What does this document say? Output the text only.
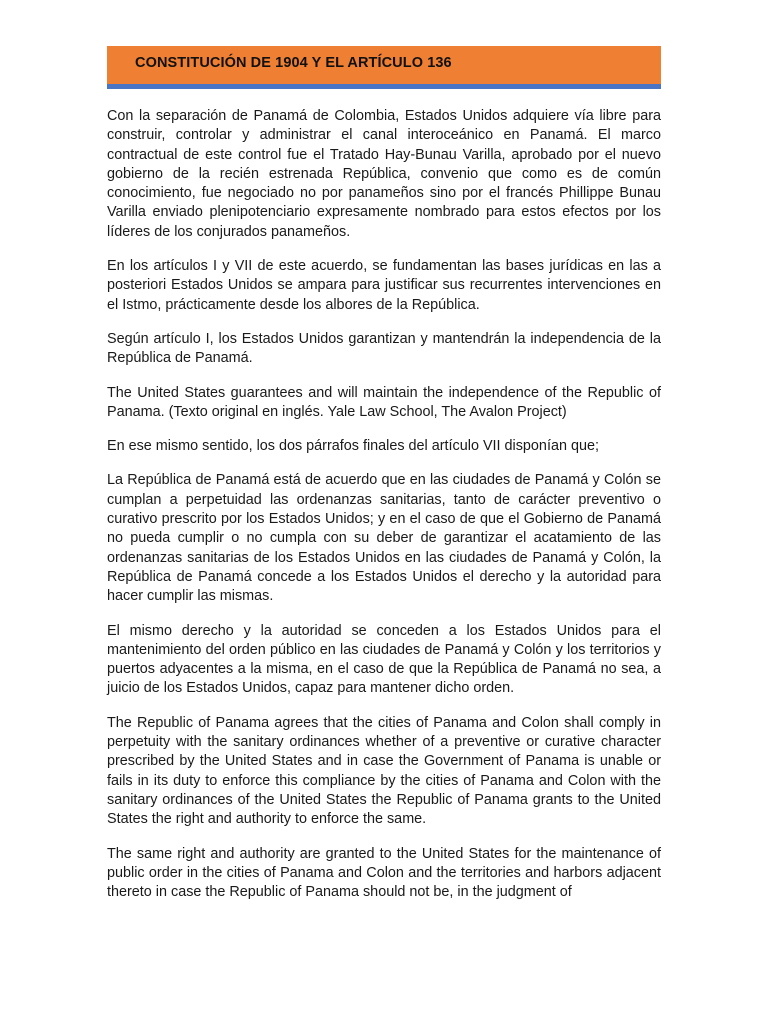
CONSTITUCIÓN DE 1904 Y EL ARTÍCULO 136

Con la separación de Panamá de Colombia, Estados Unidos adquiere vía libre para construir, controlar y administrar el canal interoceánico en Panamá. El marco contractual de este control fue el Tratado Hay-Bunau Varilla, aprobado por el nuevo gobierno de la recién estrenada República, convenio que como es de común conocimiento, fue negociado no por panameños sino por el francés Phillippe Bunau Varilla enviado plenipotenciario expresamente nombrado para estos efectos por los líderes de los conjurados panameños.

En los artículos I y VII de este acuerdo, se fundamentan las bases jurídicas en las a posteriori Estados Unidos se ampara para justificar sus recurrentes intervenciones en el Istmo, prácticamente desde los albores de la República.

Según artículo I, los Estados Unidos garantizan y mantendrán la independencia de la República de Panamá.

The United States guarantees and will maintain the independence of the Republic of Panama. (Texto original en inglés. Yale Law School, The Avalon Project)

En ese mismo sentido, los dos párrafos finales del artículo VII disponían que;

La República de Panamá está de acuerdo que en las ciudades de Panamá y Colón se cumplan a perpetuidad las ordenanzas sanitarias, tanto de carácter preventivo o curativo prescrito por los Estados Unidos; y en el caso de que el Gobierno de Panamá no pueda cumplir o no cumpla con su deber de garantizar el acatamiento de las ordenanzas sanitarias de los Estados Unidos en las ciudades de Panamá y Colón, la República de Panamá concede a los Estados Unidos el derecho y la autoridad para hacer cumplir las mismas.

El mismo derecho y la autoridad se conceden a los Estados Unidos para el mantenimiento del orden público en las ciudades de Panamá y Colón y los territorios y puertos adyacentes a la misma, en el caso de que la República de Panamá no sea, a juicio de los Estados Unidos, capaz para mantener dicho orden.

The Republic of Panama agrees that the cities of Panama and Colon shall comply in perpetuity with the sanitary ordinances whether of a preventive or curative character prescribed by the United States and in case the Government of Panama is unable or fails in its duty to enforce this compliance by the cities of Panama and Colon with the sanitary ordinances of the United States the Republic of Panama grants to the United States the right and authority to enforce the same.

The same right and authority are granted to the United States for the maintenance of public order in the cities of Panama and Colon and the territories and harbors adjacent thereto in case the Republic of Panama should not be, in the judgment of
